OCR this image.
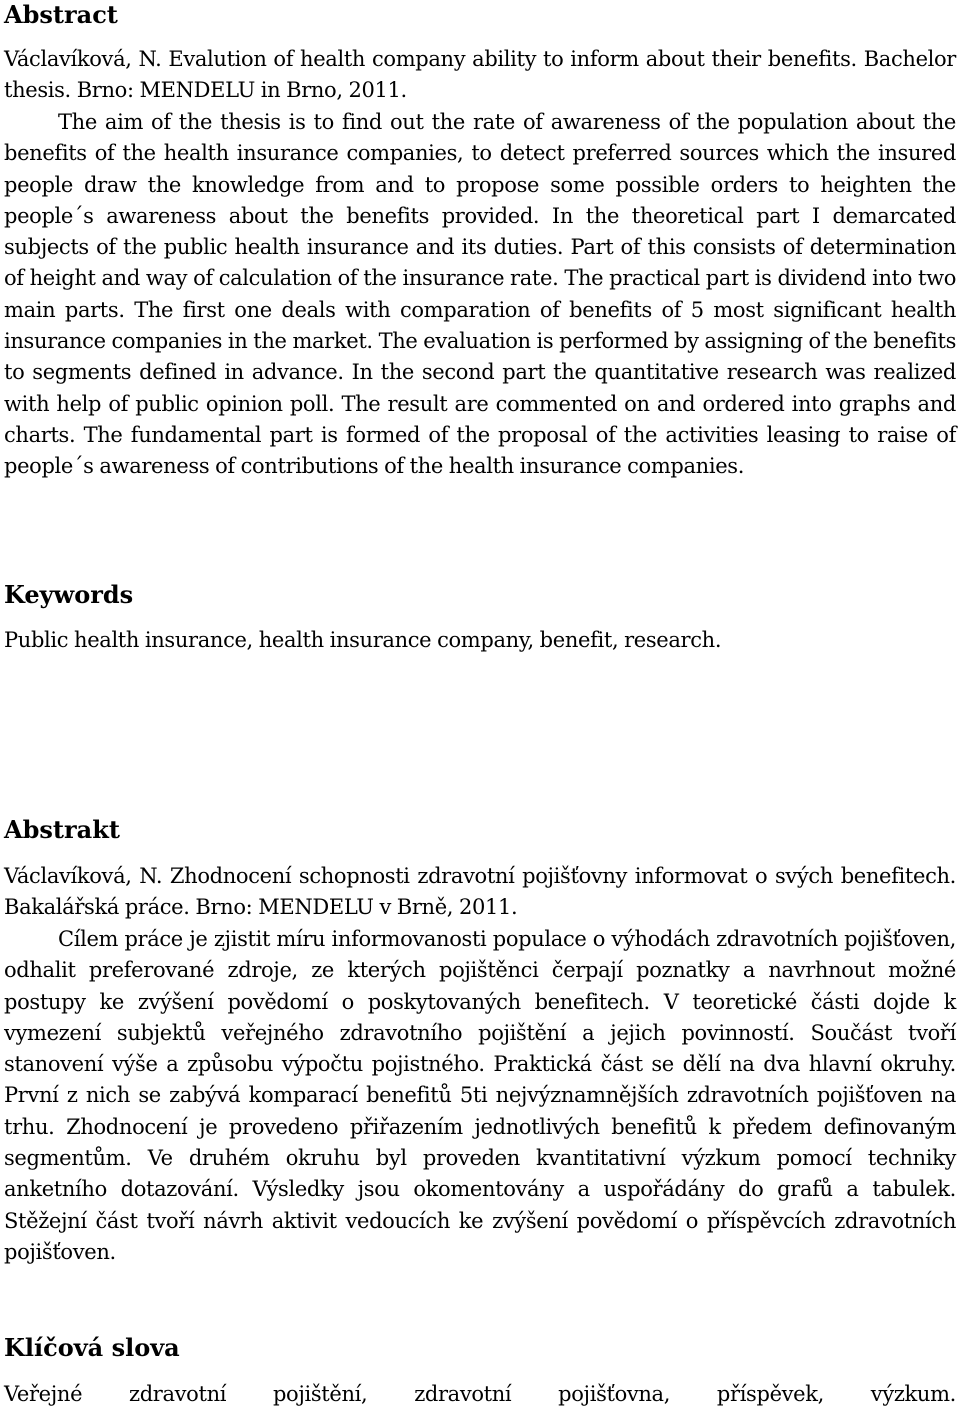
Abstract

Václavíková, N. Evalution of health company ability to inform about their benefits. Bachelor thesis. Brno: MENDELU in Brno, 2011.

The aim of the thesis is to find out the rate of awareness of the population about the benefits of the health insurance companies, to detect preferred sources which the insured people draw the knowledge from and to propose some possible orders to heighten the people´s awareness about the benefits provided. In the theoretical part I demarcated subjects of the public health insurance and its duties. Part of this consists of determination of height and way of calculation of the insurance rate. The practical part is dividend into two main parts. The first one deals with comparation of benefits of 5 most significant health insurance companies in the market. The evaluation is performed by assigning of the benefits to segments defined in advance. In the second part the quantitative research was realized with help of public opinion poll. The result are commented on and ordered into graphs and charts. The fundamental part is formed of the proposal of the activities leasing to raise of people´s awareness of contributions of the health insurance companies.

Keywords

Public health insurance, health insurance company, benefit, research.

Abstrakt

Václavíková, N. Zhodnocení schopnosti zdravotní pojišťovny informovat o svých benefitech. Bakalářská práce. Brno: MENDELU v Brně, 2011.

Cílem práce je zjistit míru informovanosti populace o výhodách zdravotních pojišťoven, odhalit preferované zdroje, ze kterých pojištěnci čerpají poznatky a navrhnout možné postupy ke zvýšení povědomí o poskytovaných benefitech. V teoretické části dojde k vymezení subjektů veřejného zdravotního pojištění a jejich povinností. Součást tvoří stanovení výše a způsobu výpočtu pojistného. Praktická část se dělí na dva hlavní okruhy. První z nich se zabývá komparací benefitů 5ti nejvýznamnějších zdravotních pojišťoven na trhu. Zhodnocení je provedeno přiřazením jednotlivých benefitů k předem definovaným segmentům. Ve druhém okruhu byl proveden kvantitativní výzkum pomocí techniky anketního dotazování. Výsledky jsou okomentovány a uspořádány do grafů a tabulek. Stěžejní část tvoří návrh aktivit vedoucích ke zvýšení povědomí o příspěvcích zdravotních pojišťoven.

Klíčová slova

Veřejné zdravotní pojištění, zdravotní pojišťovna, příspěvek, výzkum.
